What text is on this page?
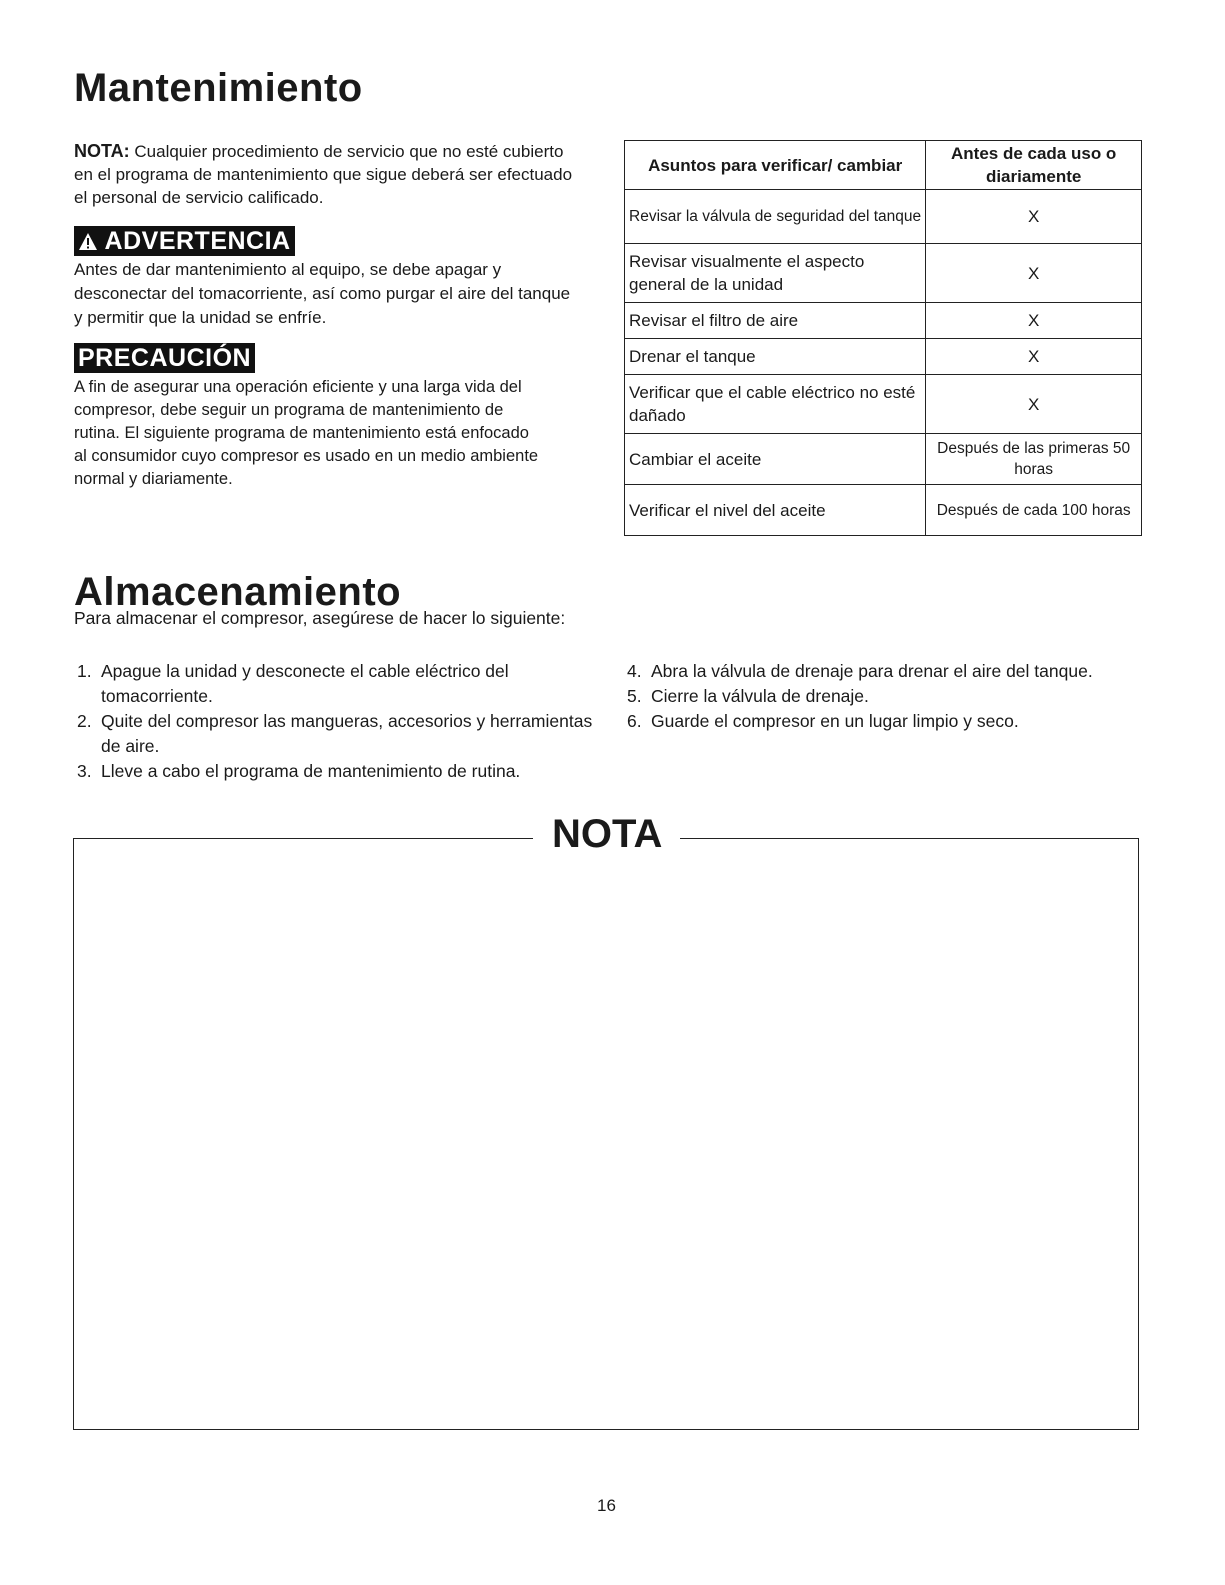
Mantenimiento
NOTA: Cualquier procedimiento de servicio que no esté cubierto en el programa de mantenimiento que sigue deberá ser efectuado el personal de servicio calificado.
ADVERTENCIA
Antes de dar mantenimiento al equipo, se debe apagar y desconectar del tomacorriente, así como purgar el aire del tanque y permitir que la unidad se enfríe.
PRECAUCIÓN
A fin de asegurar una operación eficiente y una larga vida del compresor, debe seguir un programa de mantenimiento de rutina. El siguiente programa de mantenimiento está enfocado al consumidor cuyo compresor es usado en un medio ambiente normal y diariamente.
Asuntos para verificar/ cambiar	Antes de cada uso o diariamente
Revisar la válvula de seguridad del tanque	X
Revisar visualmente el aspecto general de la unidad	X
Revisar el filtro de aire	X
Drenar el tanque	X
Verificar que el cable eléctrico no esté dañado	X
Cambiar el aceite	Después de las primeras 50 horas
Verificar el nivel del aceite	Después de cada 100 horas
Almacenamiento
Para almacenar el compresor, asegúrese de hacer lo siguiente:
1. Apague la unidad y desconecte el cable eléctrico del tomacorriente.
2. Quite del compresor las mangueras, accesorios y herramientas de aire.
3. Lleve a cabo el programa de mantenimiento de rutina.
4. Abra la válvula de drenaje para drenar el aire del tanque.
5. Cierre la válvula de drenaje.
6. Guarde el compresor en un lugar limpio y seco.
NOTA
16
